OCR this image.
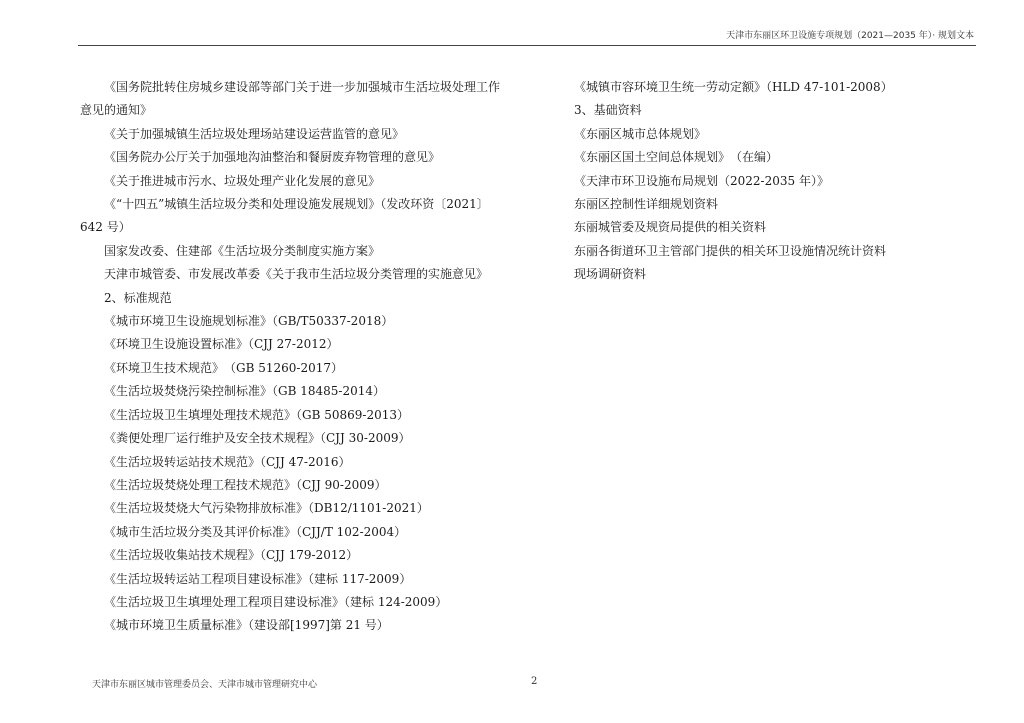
天津市东丽区环卫设施专项规划（2021—2035 年）· 规划文本
《国务院批转住房城乡建设部等部门关于进一步加强城市生活垃圾处理工作
意见的通知》
《关于加强城镇生活垃圾处理场站建设运营监管的意见》
《国务院办公厅关于加强地沟油整治和餐厨废弃物管理的意见》
《关于推进城市污水、垃圾处理产业化发展的意见》
《“十四五”城镇生活垃圾分类和处理设施发展规划》（发改环资〔2021〕
642 号）
国家发改委、住建部《生活垃圾分类制度实施方案》
天津市城管委、市发展改革委《关于我市生活垃圾分类管理的实施意见》
2、标准规范
《城市环境卫生设施规划标准》（GB/T50337-2018）
《环境卫生设施设置标准》（CJJ 27-2012）
《环境卫生技术规范》　（GB 51260-2017）
《生活垃圾焚烧污染控制标准》（GB 18485-2014）
《生活垃圾卫生填埋处理技术规范》（GB 50869-2013）
《粪便处理厂运行维护及安全技术规程》（CJJ 30-2009）
《生活垃圾转运站技术规范》（CJJ 47-2016）
《生活垃圾焚烧处理工程技术规范》（CJJ 90-2009）
《生活垃圾焚烧大气污染物排放标准》（DB12/1101-2021）
《城市生活垃圾分类及其评价标准》（CJJ/T 102-2004）
《生活垃圾收集站技术规程》（CJJ 179-2012）
《生活垃圾转运站工程项目建设标准》（建标 117-2009）
《生活垃圾卫生填埋处理工程项目建设标准》（建标 124-2009）
《城市环境卫生质量标准》（建设部[1997]第 21 号）
《城镇市容环境卫生统一劳动定额》（HLD 47-101-2008）
3、基础资料
《东丽区城市总体规划》
《东丽区国土空间总体规划》　（在编）
《天津市环卫设施布局规划（2022-2035 年）》
东丽区控制性详细规划资料
东丽城管委及规资局提供的相关资料
东丽各街道环卫主管部门提供的相关环卫设施情况统计资料
现场调研资料
天津市东丽区城市管理委员会、天津市城市管理研究中心	2
